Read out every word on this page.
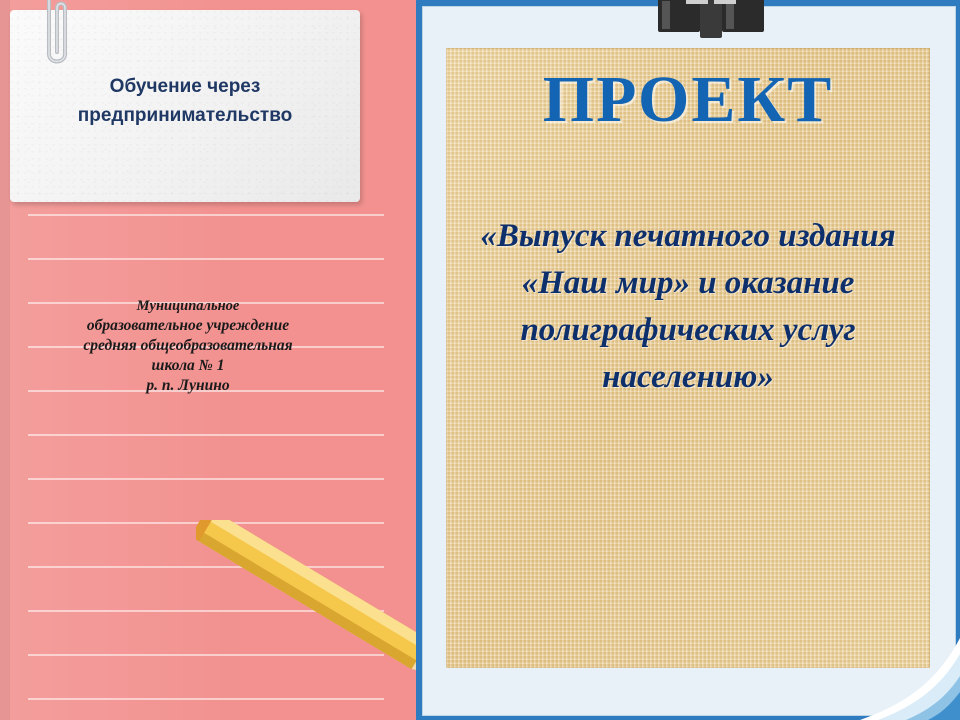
Обучение через предпринимательство
Муниципальное
образовательное учреждение
средняя общеобразовательная
школа № 1
р. п. Лунино
ПРОЕКТ
«Выпуск печатного издания «Наш мир» и оказание полиграфических услуг населению»
